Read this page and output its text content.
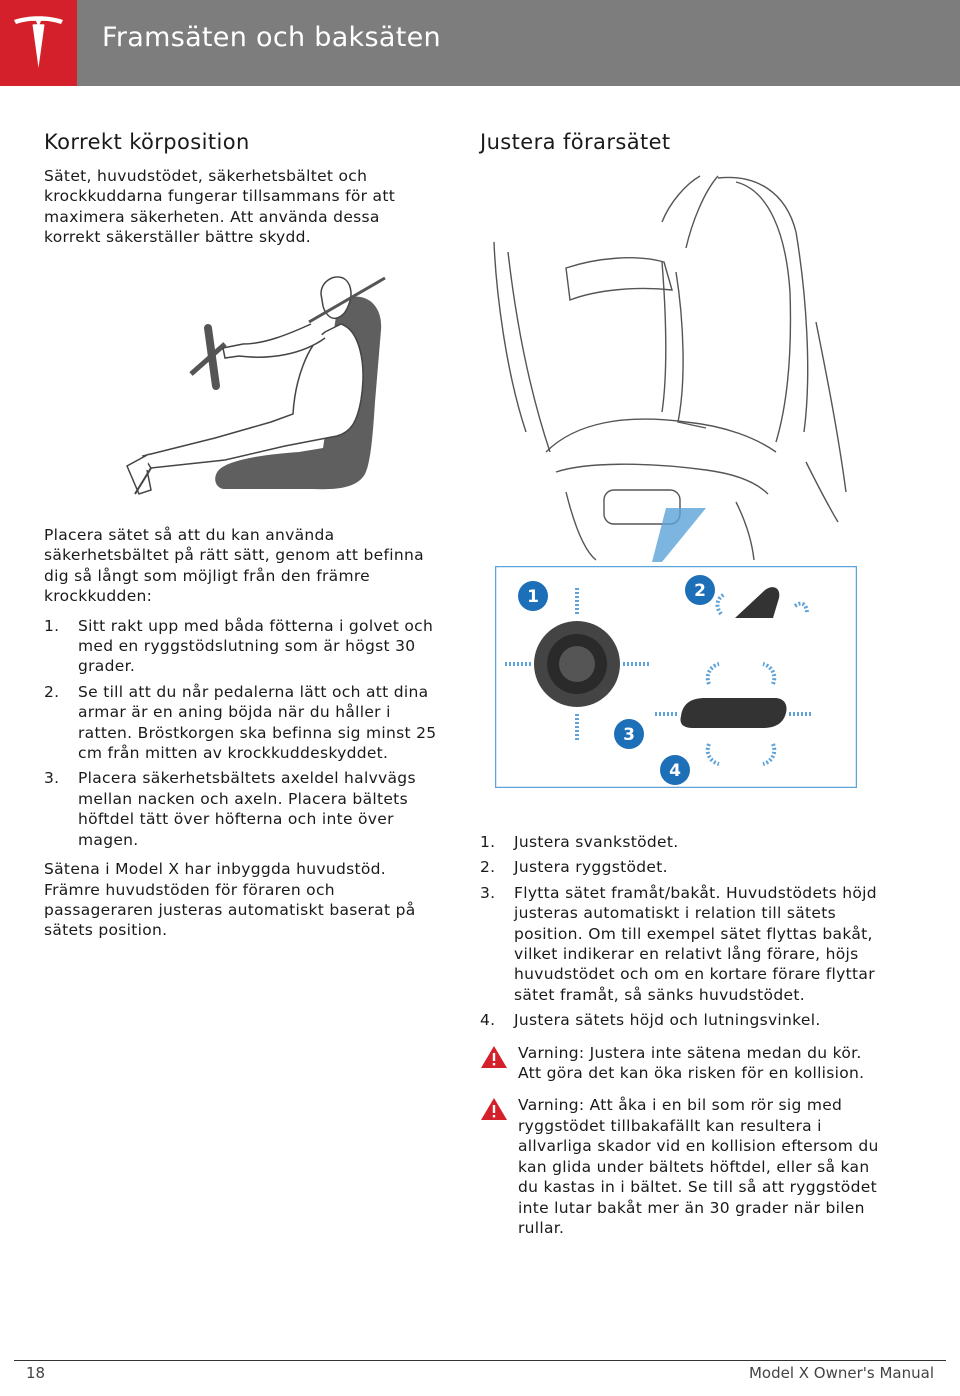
Framsäten och baksäten
Korrekt körposition

Sätet, huvudstödet, säkerhetsbältet och krockkuddarna fungerar tillsammans för att maximera säkerheten. Att använda dessa korrekt säkerställer bättre skydd.

Placera sätet så att du kan använda säkerhetsbältet på rätt sätt, genom att befinna dig så långt som möjligt från den främre krockkudden:

1. Sitt rakt upp med båda fötterna i golvet och med en ryggstödslutning som är högst 30 grader.
2. Se till att du når pedalerna lätt och att dina armar är en aning böjda när du håller i ratten. Bröstkorgen ska befinna sig minst 25 cm från mitten av krockkuddeskyddet.
3. Placera säkerhetsbältets axeldel halvvägs mellan nacken och axeln. Placera bältets höftdel tätt över höfterna och inte över magen.

Sätena i Model X har inbyggda huvudstöd. Främre huvudstöden för föraren och passageraren justeras automatiskt baserat på sätets position.

Justera förarsätet
1	2
3
4
1. Justera svankstödet.
2. Justera ryggstödet.
3. Flytta sätet framåt/bakåt. Huvudstödets höjd justeras automatiskt i relation till sätets position. Om till exempel sätet flyttas bakåt, vilket indikerar en relativt lång förare, höjs huvudstödet och om en kortare förare flyttar sätet framåt, så sänks huvudstödet.
4. Justera sätets höjd och lutningsvinkel.

Varning: Justera inte sätena medan du kör. Att göra det kan öka risken för en kollision.

Varning: Att åka i en bil som rör sig med ryggstödet tillbakafällt kan resultera i allvarliga skador vid en kollision eftersom du kan glida under bältets höftdel, eller så kan du kastas in i bältet. Se till så att ryggstödet inte lutar bakåt mer än 30 grader när bilen rullar.

18	Model X Owner's Manual
